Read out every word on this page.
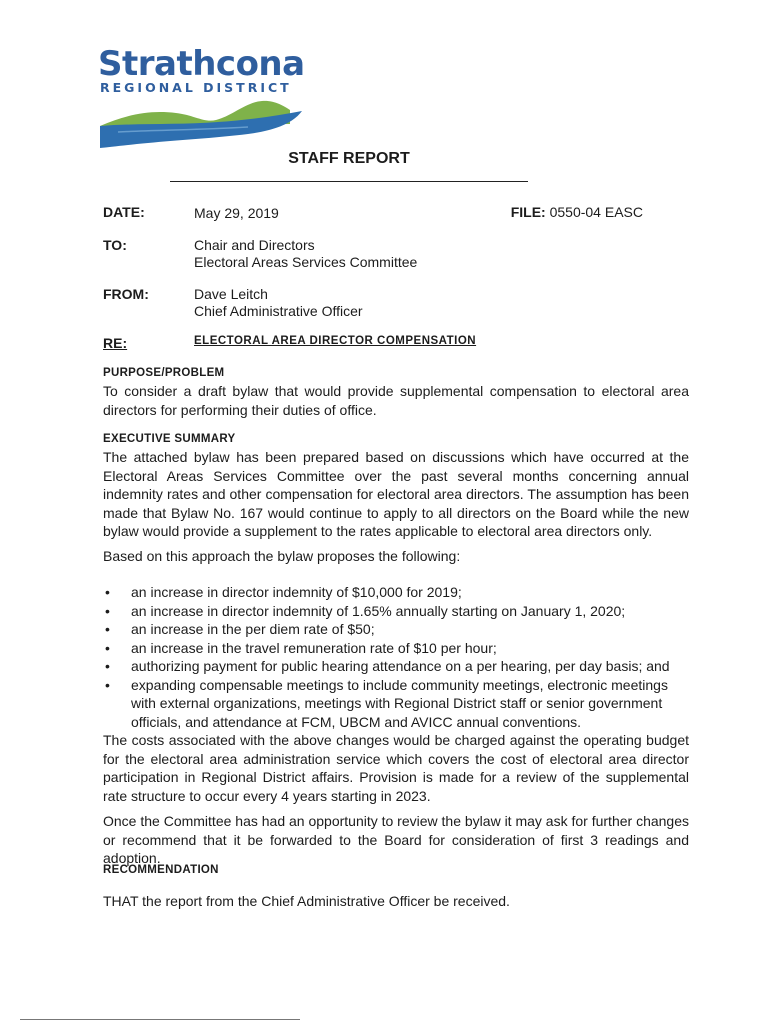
Strathcona
REGIONAL DISTRICT
STAFF REPORT
DATE:	May 29, 2019	FILE: 0550-04 EASC
TO:	Chair and Directors
Electoral Areas Services Committee
FROM:	Dave Leitch
Chief Administrative Officer
RE:	ELECTORAL AREA DIRECTOR COMPENSATION
PURPOSE/PROBLEM
To consider a draft bylaw that would provide supplemental compensation to electoral area directors for performing their duties of office.
EXECUTIVE SUMMARY
The attached bylaw has been prepared based on discussions which have occurred at the Electoral Areas Services Committee over the past several months concerning annual indemnity rates and other compensation for electoral area directors. The assumption has been made that Bylaw No. 167 would continue to apply to all directors on the Board while the new bylaw would provide a supplement to the rates applicable to electoral area directors only.
Based on this approach the bylaw proposes the following:
• an increase in director indemnity of $10,000 for 2019;
• an increase in director indemnity of 1.65% annually starting on January 1, 2020;
• an increase in the per diem rate of $50;
• an increase in the travel remuneration rate of $10 per hour;
• authorizing payment for public hearing attendance on a per hearing, per day basis; and
• expanding compensable meetings to include community meetings, electronic meetings with external organizations, meetings with Regional District staff or senior government officials, and attendance at FCM, UBCM and AVICC annual conventions.
The costs associated with the above changes would be charged against the operating budget for the electoral area administration service which covers the cost of electoral area director participation in Regional District affairs. Provision is made for a review of the supplemental rate structure to occur every 4 years starting in 2023.
Once the Committee has had an opportunity to review the bylaw it may ask for further changes or recommend that it be forwarded to the Board for consideration of first 3 readings and adoption.
RECOMMENDATION
THAT the report from the Chief Administrative Officer be received.
